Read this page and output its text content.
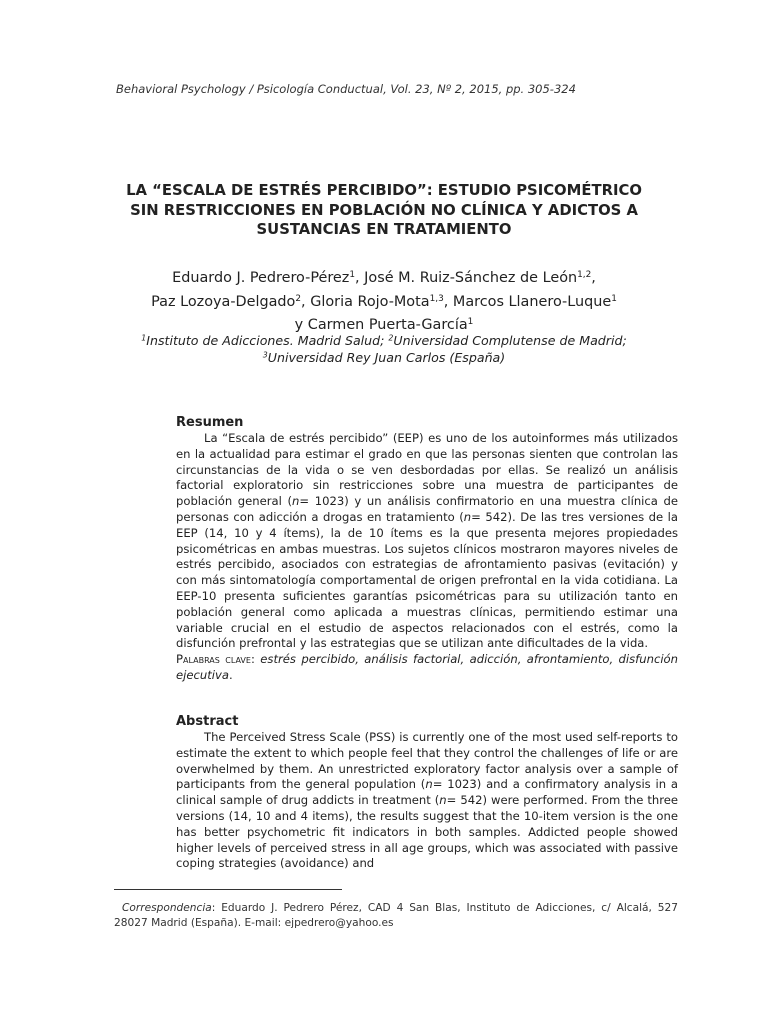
Behavioral Psychology / Psicología Conductual, Vol. 23, Nº 2, 2015, pp. 305-324
LA “ESCALA DE ESTRÉS PERCIBIDO”: ESTUDIO PSICOMÉTRICO
SIN RESTRICCIONES EN POBLACIÓN NO CLÍNICA Y ADICTOS A
SUSTANCIAS EN TRATAMIENTO
Eduardo J. Pedrero-Pérez$^1$, José M. Ruiz-Sánchez de León$^{1,2}$,
Paz Lozoya-Delgado$^2$, Gloria Rojo-Mota$^{1,3}$, Marcos Llanero-Luque$^1$
y Carmen Puerta-García$^1$
$^1$Instituto de Adicciones. Madrid Salud; $^2$Universidad Complutense de Madrid;
$^3$Universidad Rey Juan Carlos (España)
Resumen

La “Escala de estrés percibido” (EEP) es uno de los autoinformes más utilizados en la actualidad para estimar el grado en que las personas sienten que controlan las circunstancias de la vida o se ven desbordadas por ellas. Se realizó un análisis factorial exploratorio sin restricciones sobre una muestra de participantes de población general (n= 1023) y un análisis confirmatorio en una muestra clínica de personas con adicción a drogas en tratamiento (n= 542). De las tres versiones de la EEP (14, 10 y 4 ítems), la de 10 ítems es la que presenta mejores propiedades psicométricas en ambas muestras. Los sujetos clínicos mostraron mayores niveles de estrés percibido, asociados con estrategias de afrontamiento pasivas (evitación) y con más sintomatología comportamental de origen prefrontal en la vida cotidiana. La EEP-10 presenta suficientes garantías psicométricas para su utilización tanto en población general como aplicada a muestras clínicas, permitiendo estimar una variable crucial en el estudio de aspectos relacionados con el estrés, como la disfunción prefrontal y las estrategias que se utilizan ante dificultades de la vida.

Palabras clave: estrés percibido, análisis factorial, adicción, afrontamiento, disfunción ejecutiva.

Abstract

The Perceived Stress Scale (PSS) is currently one of the most used self-reports to estimate the extent to which people feel that they control the challenges of life or are overwhelmed by them. An unrestricted exploratory factor analysis over a sample of participants from the general population (n= 1023) and a confirmatory analysis in a clinical sample of drug addicts in treatment (n= 542) were performed. From the three versions (14, 10 and 4 items), the results suggest that the 10-item version is the one has better psychometric fit indicators in both samples. Addicted people showed higher levels of perceived stress in all age groups, which was associated with passive coping strategies (avoidance) and

Correspondencia: Eduardo J. Pedrero Pérez, CAD 4 San Blas, Instituto de Adicciones, c/ Alcalá, 527 28027 Madrid (España). E-mail: ejpedrero@yahoo.es
